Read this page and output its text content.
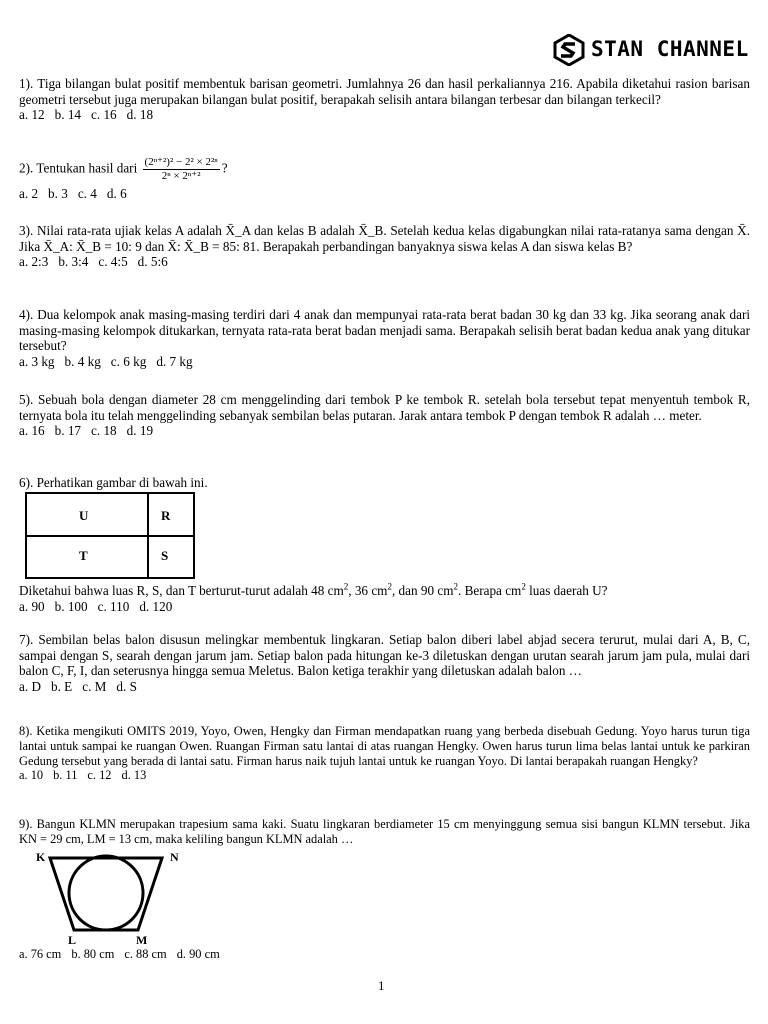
STAN CHANNEL
1). Tiga bilangan bulat positif membentuk barisan geometri. Jumlahnya 26 dan hasil perkaliannya 216. Apabila diketahui rasion barisan geometri tersebut juga merupakan bilangan bulat positif, berapakah selisih antara bilangan terbesar dan bilangan terkecil?
a. 12 b. 14 c. 16 d. 18
2). Tentukan hasil dari $\frac{\text{(2ⁿ⁺²)² − 2² × 2²ⁿ}}{\text{2ⁿ × 2ⁿ⁺²}}$ ?
a. 2 b. 3 c. 4 d. 6
3). Nilai rata-rata ujiak kelas A adalah X̄_A dan kelas B adalah X̄_B. Setelah kedua kelas digabungkan nilai rata-ratanya sama dengan X̄. Jika X̄_A: X̄_B = 10: 9 dan X̄: X̄_B = 85: 81. Berapakah perbandingan banyaknya siswa kelas A dan siswa kelas B?
a. 2:3 b. 3:4 c. 4:5 d. 5:6
4). Dua kelompok anak masing-masing terdiri dari 4 anak dan mempunyai rata-rata berat badan 30 kg dan 33 kg. Jika seorang anak dari masing-masing kelompok ditukarkan, ternyata rata-rata berat badan menjadi sama. Berapakah selisih berat badan kedua anak yang ditukar tersebut?
a. 3 kg b. 4 kg c. 6 kg d. 7 kg
5). Sebuah bola dengan diameter 28 cm menggelinding dari tembok P ke tembok R. setelah bola tersebut tepat menyentuh tembok R, ternyata bola itu telah menggelinding sebanyak sembilan belas putaran. Jarak antara tembok P dengan tembok R adalah … meter.
a. 16 b. 17 c. 18 d. 19
6). Perhatikan gambar di bawah ini.
Diketahui bahwa luas R, S, dan T berturut-turut adalah 48 $cm^2$, 36 $cm^2$, dan 90 $cm^2$. Berapa $cm^2$ luas daerah U?
a. 90 b. 100 c. 110 d. 120
7). Sembilan belas balon disusun melingkar membentuk lingkaran. Setiap balon diberi label abjad secera terurut, mulai dari A, B, C, sampai dengan S, searah dengan jarum jam. Setiap balon pada hitungan ke-3 diletuskan dengan urutan searah jarum jam pula, mulai dari balon C, F, I, dan seterusnya hingga semua Meletus. Balon ketiga terakhir yang diletuskan adalah balon …
a. D b. E c. M d. S
8). Ketika mengikuti OMITS 2019, Yoyo, Owen, Hengky dan Firman mendapatkan ruang yang berbeda disebuah Gedung. Yoyo harus turun tiga lantai untuk sampai ke ruangan Owen. Ruangan Firman satu lantai di atas ruangan Hengky. Owen harus turun lima belas lantai untuk ke parkiran Gedung tersebut yang berada di lantai satu. Firman harus naik tujuh lantai untuk ke ruangan Yoyo. Di lantai berapakah ruangan Hengky?
a. 10 b. 11 c. 12 d. 13
9). Bangun KLMN merupakan trapesium sama kaki. Suatu lingkaran berdiameter 15 cm menyinggung semua sisi bangun KLMN tersebut. Jika KN = 29 cm, LM = 13 cm, maka keliling bangun KLMN adalah …
a. 76 cm b. 80 cm c. 88 cm d. 90 cm
U	R
T	S
K	N
L	M
1
